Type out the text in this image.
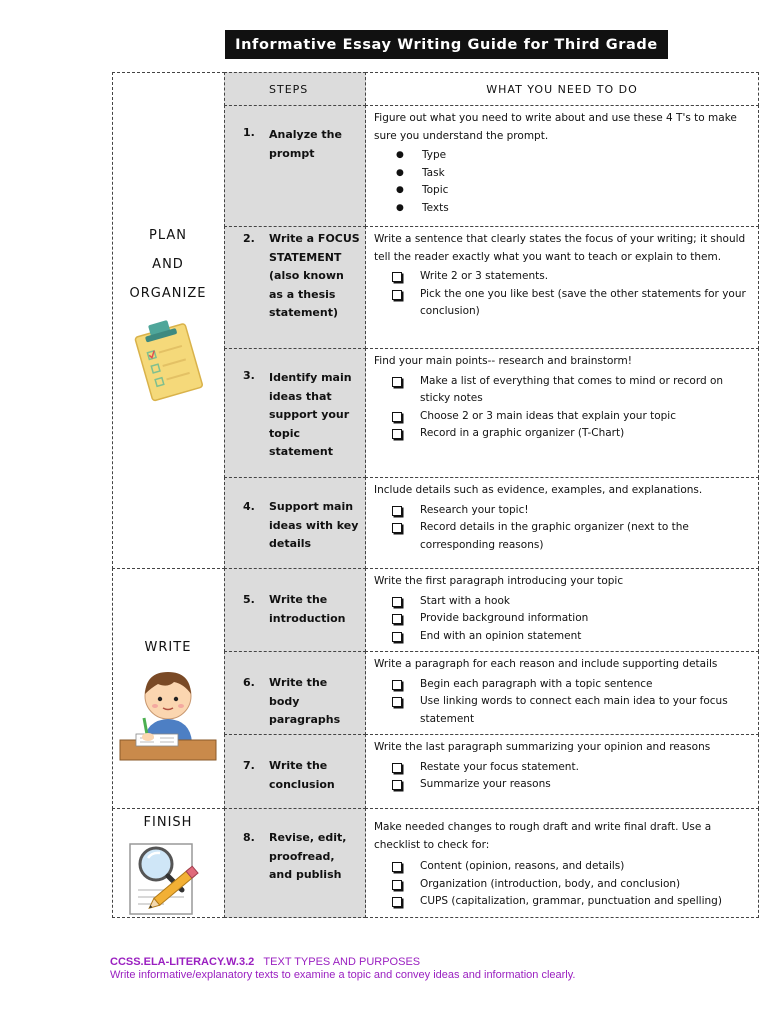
Informative Essay Writing Guide for Third Grade
STEPS	WHAT YOU NEED TO DO
1. Analyze the prompt
2. Write a FOCUS STATEMENT (also known as a thesis statement)
3. Identify main ideas that support your topic statement
4. Support main ideas with key details
5. Write the introduction
6. Write the body paragraphs
7. Write the conclusion
8. Revise, edit, proofread, and publish

Figure out what you need to write about and use these 4 T's to make sure you understand the prompt.

● Type
● Task
● Topic
● Texts

Write a sentence that clearly states the focus of your writing; it should tell the reader exactly what you want to teach or explain to them.

Write 2 or 3 statements.
Pick the one you like best (save the other statements for your conclusion)

Find your main points-- research and brainstorm!

Make a list of everything that comes to mind or record on sticky notes
Choose 2 or 3 main ideas that explain your topic
Record in a graphic organizer (T-Chart)

Include details such as evidence, examples, and explanations.

Research your topic!
Record details in the graphic organizer (next to the corresponding reasons)

Write the first paragraph introducing your topic

Start with a hook
Provide background information
End with an opinion statement

Write a paragraph for each reason and include supporting details

Begin each paragraph with a topic sentence
Use linking words to connect each main idea to your focus statement

Write the last paragraph summarizing your opinion and reasons

Restate your focus statement.
Summarize your reasons

Make needed changes to rough draft and write final draft. Use a checklist to check for:

Content (opinion, reasons, and details)
Organization (introduction, body, and conclusion)
CUPS (capitalization, grammar, punctuation and spelling)
PLAN
AND
ORGANIZE
WRITE
FINISH
CCSS.ELA-LITERACY.W.3.2 TEXT TYPES AND PURPOSES
Write informative/explanatory texts to examine a topic and convey ideas and information clearly.
